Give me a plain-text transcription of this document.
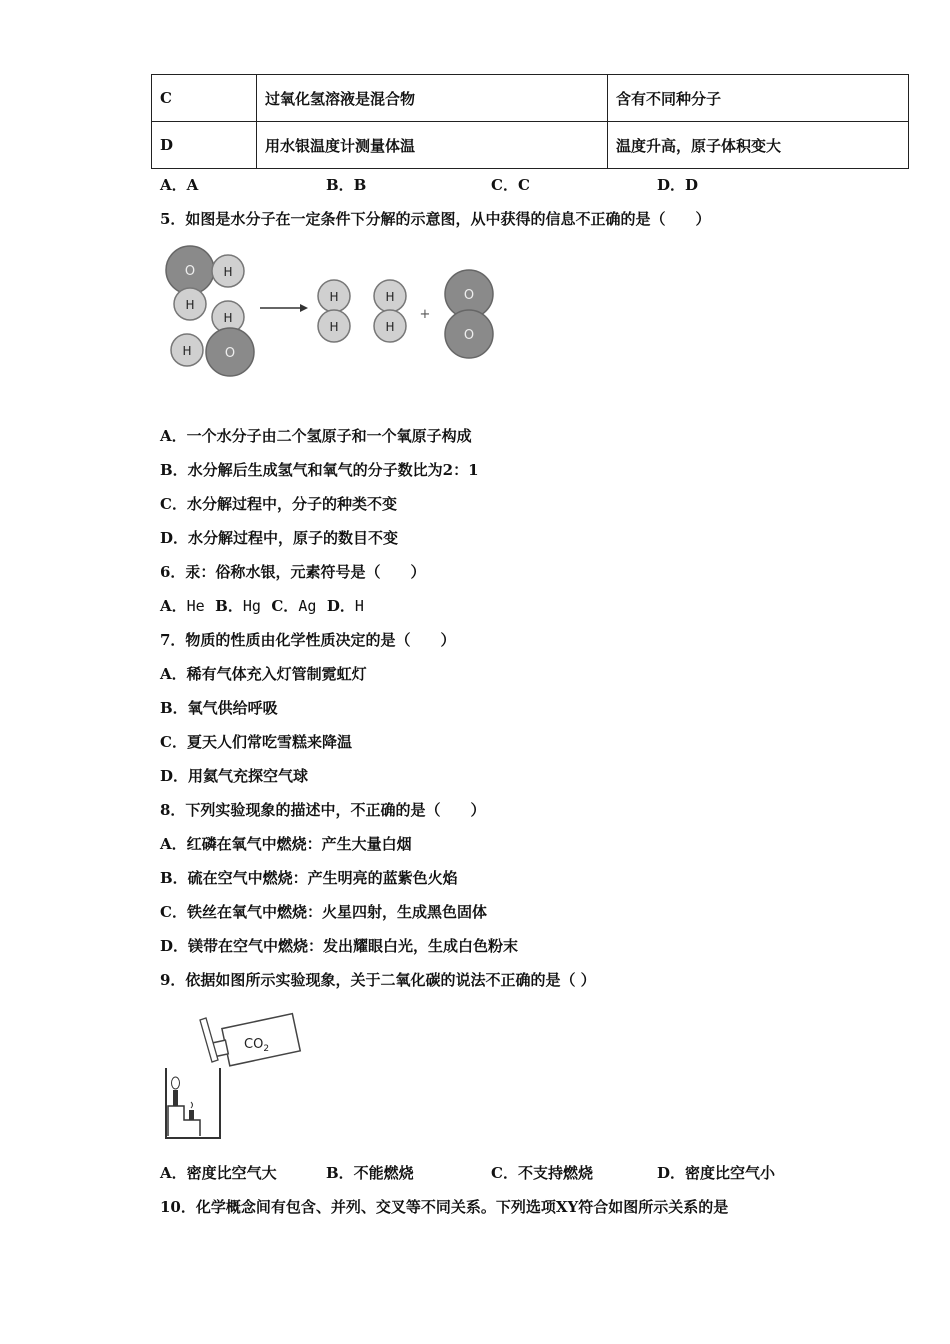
C	过氧化氢溶液是混合物	含有不同种分子
D	用水银温度计测量体温	温度升高，原子体积变大
A．A	B．B	C．C	D．D
5．如图是水分子在一定条件下分解的示意图，从中获得的信息不正确的是（　　）
O H
H
H
H	O
H
H
H
H
+
O
O
A．一个水分子由二个氢原子和一个氧原子构成
B．水分解后生成氢气和氧气的分子数比为2：1
C．水分解过程中，分子的种类不变
D．水分解过程中，原子的数目不变
6．汞：俗称水银，元素符号是（　　）
A．He B．Hg C．Ag D．H
7．物质的性质由化学性质决定的是（　　）
A．稀有气体充入灯管制霓虹灯
B．氧气供给呼吸
C．夏天人们常吃雪糕来降温
D．用氦气充探空气球
8．下列实验现象的描述中，不正确的是（　　）
A．红磷在氧气中燃烧：产生大量白烟
B．硫在空气中燃烧：产生明亮的蓝紫色火焰
C．铁丝在氧气中燃烧：火星四射，生成黑色固体
D．镁带在空气中燃烧：发出耀眼白光，生成白色粉末
9．依据如图所示实验现象，关于二氧化碳的说法不正确的是（ ）
$CO_2$
A．密度比空气大	B．不能燃烧	C．不支持燃烧	D．密度比空气小
10．化学概念间有包含、并列、交叉等不同关系。下列选项XY符合如图所示关系的是
